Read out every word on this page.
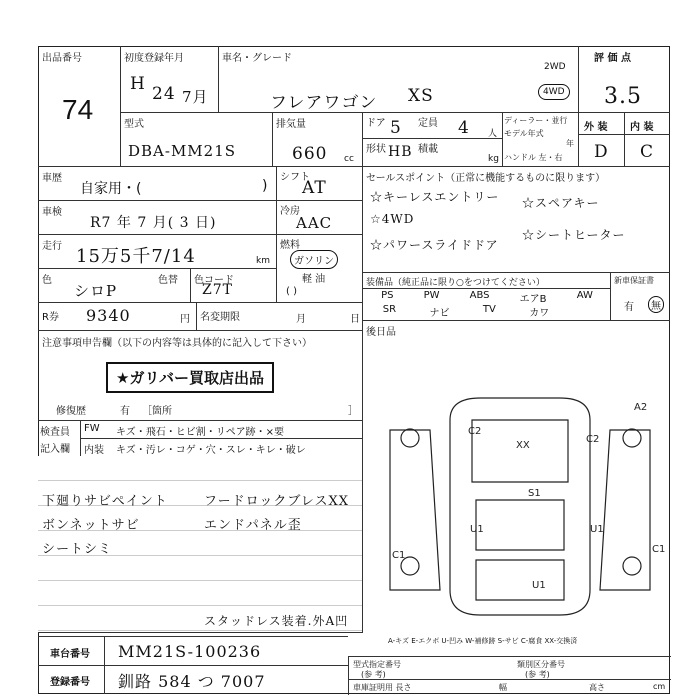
出品番号
74
初度登録年月
H 24 7月
車名・グレード
フレアワゴン XS
2WD
4WD
評 価 点
3.5
型式
DBA-MM21S
排気量
660 cc
ドア 5 定員 4 人
形状 HB 積載
kg
ディーラー・並行
モデル年式
年
ハンドル 左・右
外 装 内 装
D C
車歴
自家用・(	)
シフト
AT
車検
R7 年 7 月( 3 日)
冷房
AAC
走行 15万5千7/14	km
燃料
ガソリン
軽 油
( )
色
シロP
色替 色コード
Z7T
R券 9340	円 名変期限	月	日
注意事項申告欄（以下の内容等は具体的に記入して下さい）
★ガリバー買取店出品
修復歴	有 ［箇所	］
検査員
記入欄
FW キズ・飛石・ヒビ割・リペア跡・×要
内装 キズ・汚レ・コゲ・穴・スレ・キレ・破レ
下廻りサビペイント
ボンネットサビ
シートシミ
フードロックブレスXX
エンドパネル歪
スタッドレス装着.外A凹
セールスポイント（正常に機能するものに限ります）
☆キーレスエントリー ☆スペアキー
☆4WD
☆パワースライドドア
☆シートヒーター
装備品（純正品に限り○をつけてください）	新車保証書
PS	PW	ABS	エアB	AW
SR	ナビ	TV	カワ
有	無
後日品
XX
C2
C2
S1
U1	U1
U1
C1
C1
A2
A-キズ E-エクボ U-凹み W-補修跡 S-サビ C-腐食 XX-交換済
車台番号 MM21S-100236
登録番号 釧路 584 つ 7007
型式指定番号
(参 考)
類別区分番号
(参 考)
車庫証明用 長さ	幅	高さ	cm
